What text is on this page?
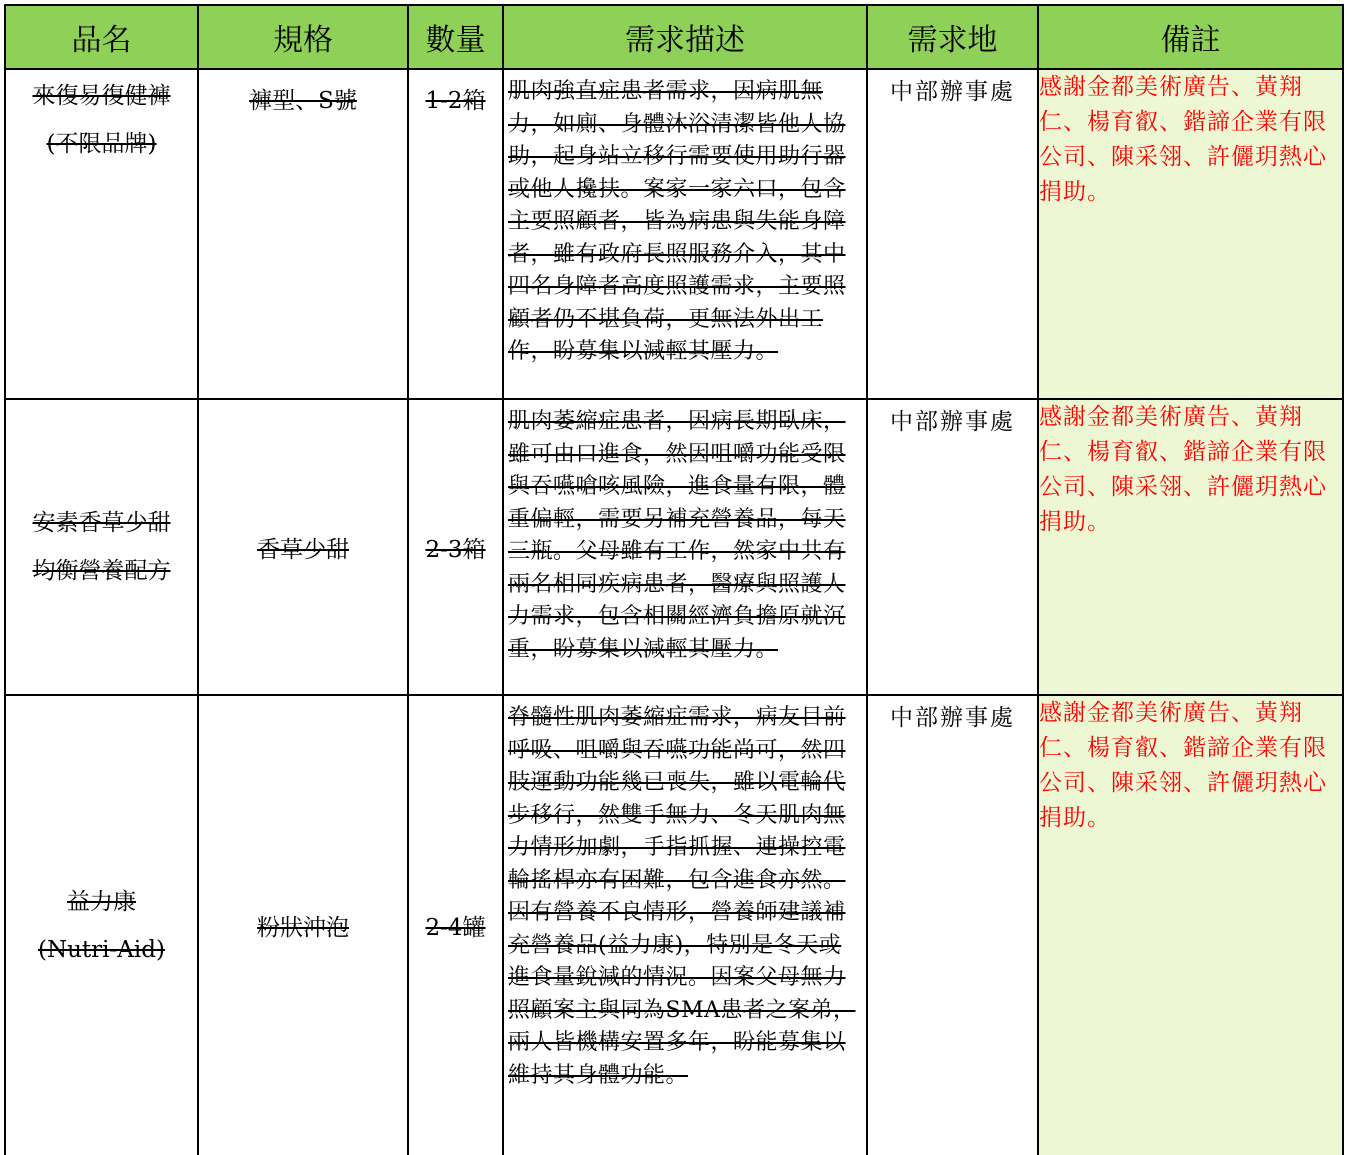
品名	規格	數量	需求描述	需求地	備註

來復易復健褲
(不限品牌)	褲型、S號	1-2箱	肌肉強直症患者需求，因病肌無力，如廁、身體沐浴清潔皆他人協助，起身站立移行需要使用助行器或他人攙扶。案家一家六口，包含主要照顧者，皆為病患與失能身障者，雖有政府長照服務介入，其中四名身障者高度照護需求，主要照顧者仍不堪負荷，更無法外出工作，盼募集以減輕其壓力。	中部辦事處	感謝金都美術廣告、黃翔仁、楊育叡、鍇諦企業有限公司、陳采翎、許儷玥熱心捐助。

安素香草少甜
均衡營養配方	香草少甜	2-3箱	肌肉萎縮症患者，因病長期臥床，雖可由口進食，然因咀嚼功能受限與吞嚥嗆咳風險，進食量有限，體重偏輕，需要另補充營養品，每天三瓶。父母雖有工作，然家中共有兩名相同疾病患者，醫療與照護人力需求，包含相關經濟負擔原就沉重，盼募集以減輕其壓力。	中部辦事處	感謝金都美術廣告、黃翔仁、楊育叡、鍇諦企業有限公司、陳采翎、許儷玥熱心捐助。

益力康
(Nutri-Aid)	粉狀沖泡	2-4罐	脊髓性肌肉萎縮症需求，病友目前呼吸、咀嚼與吞嚥功能尚可，然四肢運動功能幾已喪失，雖以電輪代步移行，然雙手無力、冬天肌肉無力情形加劇，手指抓握、連操控電輪搖桿亦有困難，包含進食亦然。因有營養不良情形，營養師建議補充營養品(益力康)，特別是冬天或進食量銳減的情況。因案父母無力照顧案主與同為SMA患者之案弟，兩人皆機構安置多年，盼能募集以維持其身體功能。	中部辦事處	感謝金都美術廣告、黃翔仁、楊育叡、鍇諦企業有限公司、陳采翎、許儷玥熱心捐助。
